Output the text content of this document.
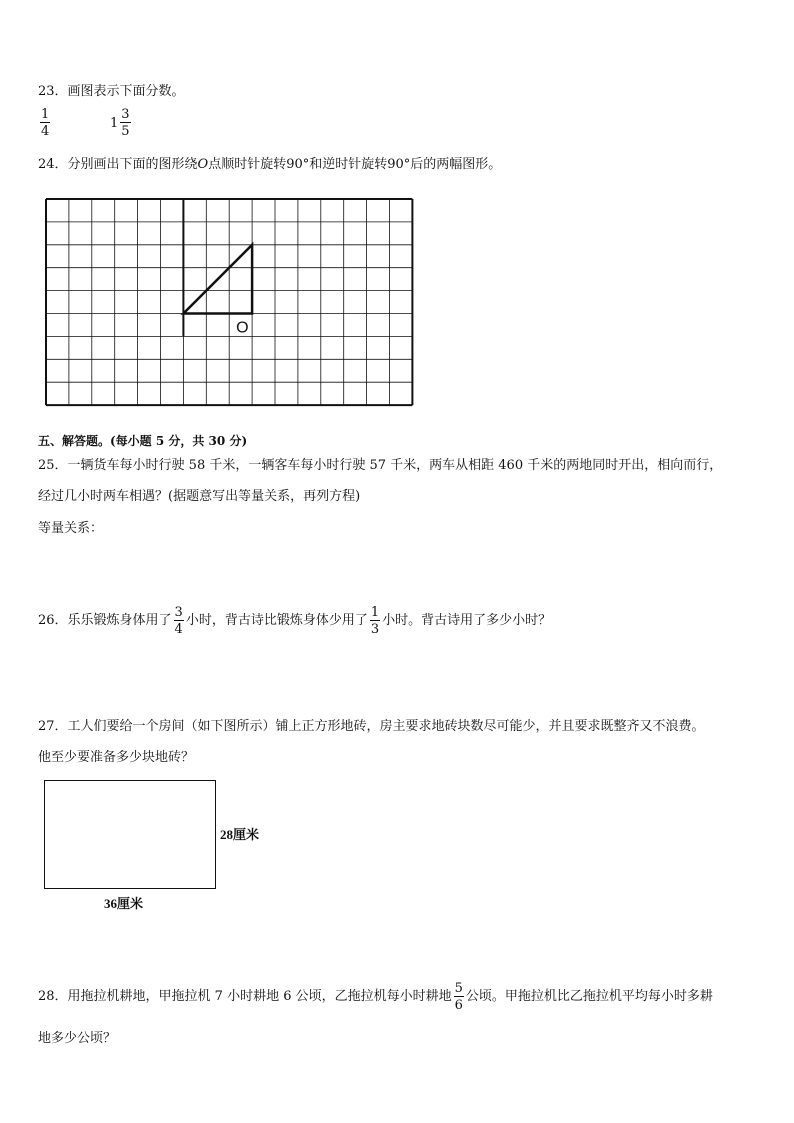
23．画图表示下面分数。
$\frac{1}{4}$	$1 \frac{3}{5}$
24．分别画出下面的图形绕O点顺时针旋转90°和逆时针旋转90°后的两幅图形。
O
五、解答题。(每小题 5 分，共 30 分)
25．一辆货车每小时行驶 58 千米，一辆客车每小时行驶 57 千米，两车从相距 460 千米的两地同时开出，相向而行，
经过几小时两车相遇？(据题意写出等量关系，再列方程)
等量关系：
26．乐乐锻炼身体用了 $\frac{3}{4}$ 小时，背古诗比锻炼身体少用了 $\frac{1}{3}$ 小时。背古诗用了多少小时？
27．工人们要给一个房间（如下图所示）铺上正方形地砖，房主要求地砖块数尽可能少，并且要求既整齐又不浪费。
他至少要准备多少块地砖？
28厘米
36厘米
28．用拖拉机耕地，甲拖拉机 7 小时耕地 6 公顷，乙拖拉机每小时耕地 $\frac{5}{6}$ 公顷。甲拖拉机比乙拖拉机平均每小时多耕
地多少公顷？
